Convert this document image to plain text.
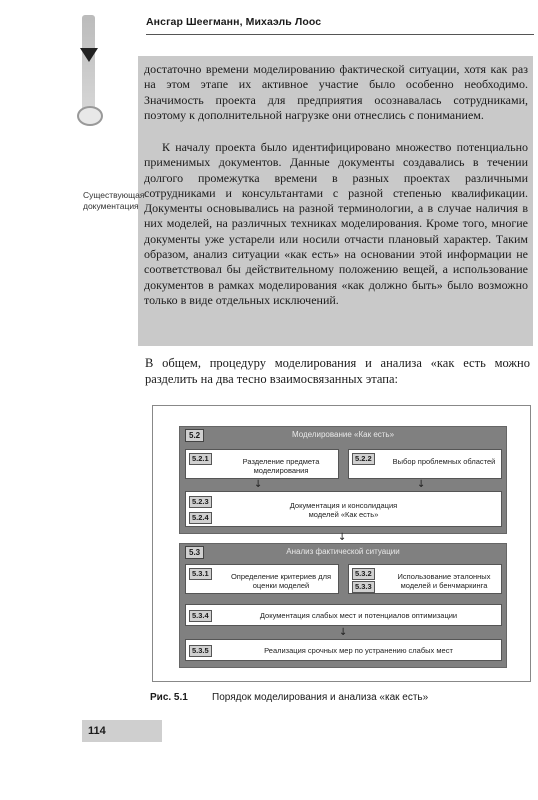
Ансгар Шеегманн, Михаэль Лоос

достаточно времени моделированию фактической ситуации, хотя как раз на этом этапе их активное участие было особенно необходимо. Значимость проекта для предприятия осознавалась сотрудниками, поэтому к дополнительной нагрузке они отнеслись с пониманием.

К началу проекта было идентифицировано множество потенциально применимых документов. Данные документы создавались в течении долгого промежутка времени в разных проектах различными сотрудниками и консультантами с разной степенью квалификации. Документы основывались на разной терминологии, а в случае наличия в них моделей, на различных техниках моделирования. Кроме того, многие документы уже устарели или носили отчасти плановый характер. Таким образом, анализ ситуации «как есть» на основании этой информации не соответствовал бы действительному положению вещей, а использование документов в рамках моделирования «как должно быть» было возможно только в виде отдельных исключений.

Существующая документация
В общем, процедуру моделирования и анализа «как есть можно разделить на два тесно взаимосвязанных этапа:
5.2	Моделирование «Как есть»
5.2.1	Разделение предмета моделирования
5.2.2	Выбор проблемных областей
↓	↓
5.2.3
5.2.4
Документация и консолидация моделей «Как есть»
↓
5.3	Анализ фактической ситуации
5.3.1	Определение критериев для оценки моделей
5.3.2
5.3.3
Использование эталонных моделей и бенчмаркинга
5.3.4	Документация слабых мест и потенциалов оптимизации
↓
5.3.5	Реализация срочных мер по устранению слабых мест
Рис. 5.1 Порядок моделирования и анализа «как есть»
114
